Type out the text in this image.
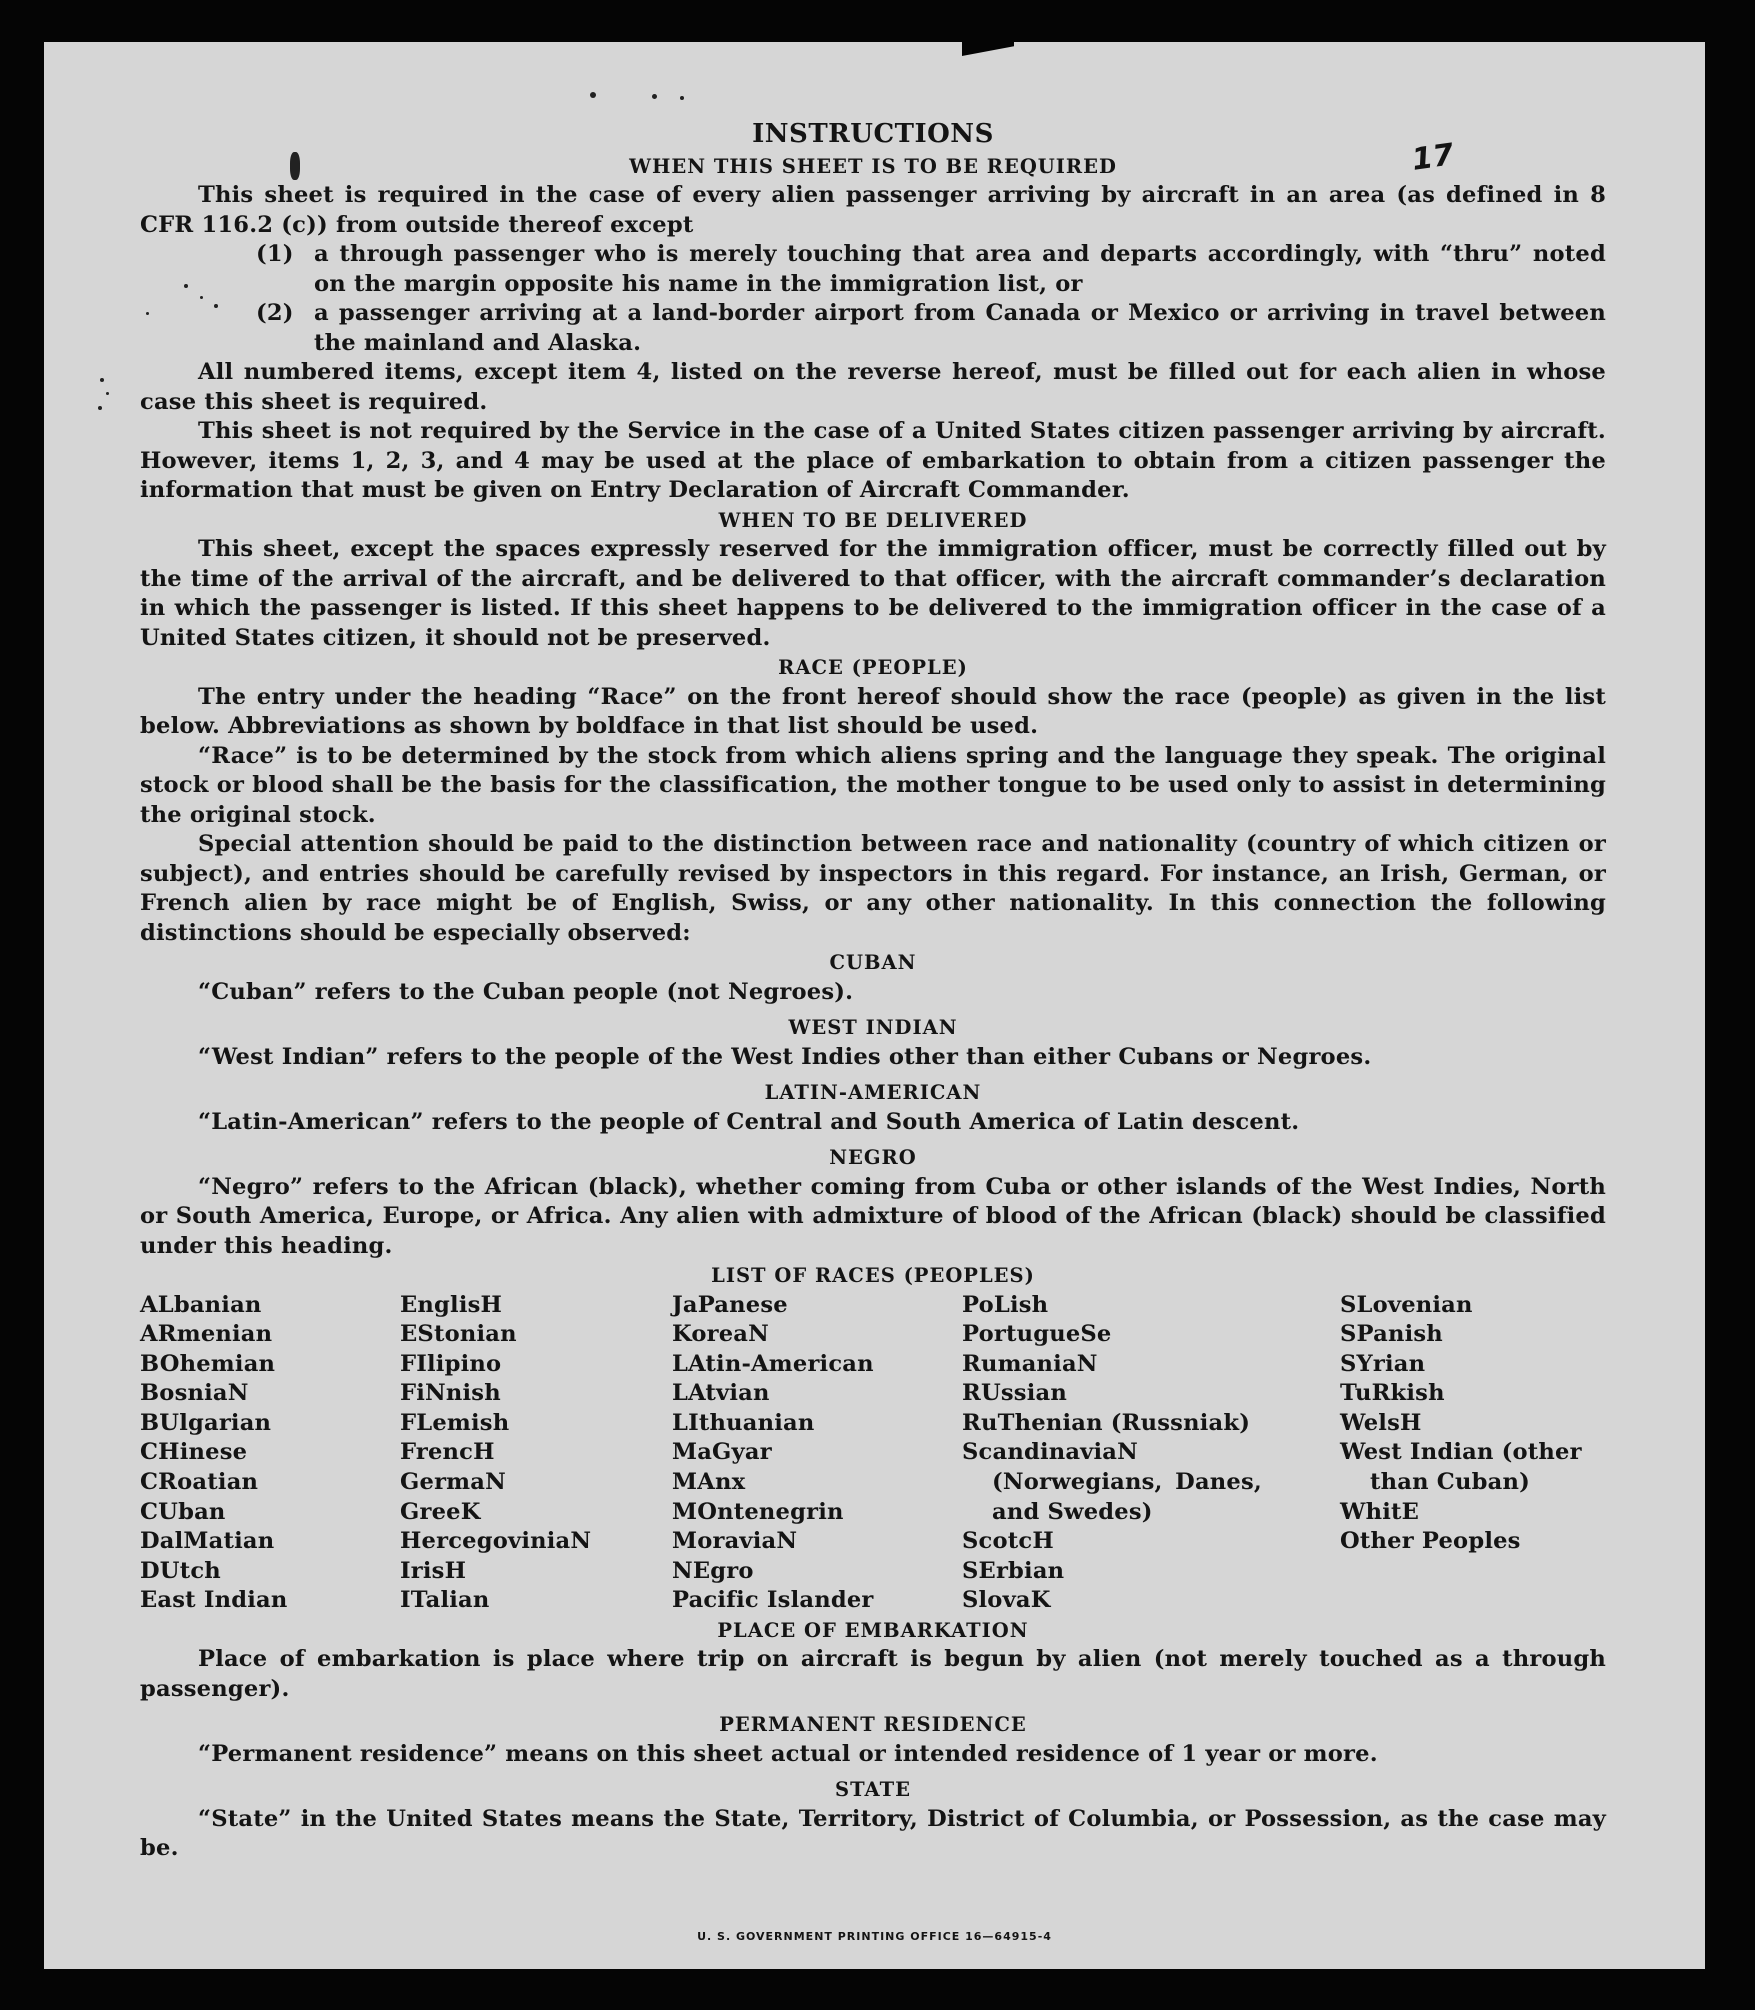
17
INSTRUCTIONS
WHEN THIS SHEET IS TO BE REQUIRED

This sheet is required in the case of every alien passenger arriving by aircraft in an area (as defined in 8 CFR 116.2 (c)) from outside thereof except

(1) a through passenger who is merely touching that area and departs accordingly, with “thru” noted on the margin opposite his name in the immigration list, or
(2) a passenger arriving at a land-border airport from Canada or Mexico or arriving in travel between the mainland and Alaska.

All numbered items, except item 4, listed on the reverse hereof, must be filled out for each alien in whose case this sheet is required.

This sheet is not required by the Service in the case of a United States citizen passenger arriving by aircraft. However, items 1, 2, 3, and 4 may be used at the place of embarkation to obtain from a citizen passenger the information that must be given on Entry Declaration of Aircraft Commander.

WHEN TO BE DELIVERED

This sheet, except the spaces expressly reserved for the immigration officer, must be correctly filled out by the time of the arrival of the aircraft, and be delivered to that officer, with the aircraft commander’s declaration in which the passenger is listed. If this sheet happens to be delivered to the immigration officer in the case of a United States citizen, it should not be preserved.

RACE (PEOPLE)

The entry under the heading “Race” on the front hereof should show the race (people) as given in the list below. Abbreviations as shown by boldface in that list should be used.

“Race” is to be determined by the stock from which aliens spring and the language they speak. The original stock or blood shall be the basis for the classification, the mother tongue to be used only to assist in determining the original stock.

Special attention should be paid to the distinction between race and nationality (country of which citizen or subject), and entries should be carefully revised by inspectors in this regard. For instance, an Irish, German, or French alien by race might be of English, Swiss, or any other nationality. In this connection the following distinctions should be especially observed:

CUBAN

“Cuban” refers to the Cuban people (not Negroes).

WEST INDIAN

“West Indian” refers to the people of the West Indies other than either Cubans or Negroes.

LATIN-AMERICAN

“Latin-American” refers to the people of Central and South America of Latin descent.

NEGRO

“Negro” refers to the African (black), whether coming from Cuba or other islands of the West Indies, North or South America, Europe, or Africa. Any alien with admixture of blood of the African (black) should be classified under this heading.

LIST OF RACES (PEOPLES)
ALbanian
ARmenian
BOhemian
BosniaN
BUlgarian
CHinese
CRoatian
CUban
DalMatian
DUtch
East Indian
EnglisH
EStonian
FIlipino
FiNnish
FLemish
FrencH
GermaN
GreeK
HercegoviniaN
IrisH
ITalian
JaPanese
KoreaN
LAtin-American
LAtvian
LIthuanian
MaGyar
MAnx
MOntenegrin
MoraviaN
NEgro
Pacific Islander
PoLish
PortugueSe
RumaniaN
RUssian
RuThenian (Russniak)
ScandinaviaN (Norwegians, Danes, and Swedes)
ScotcH
SErbian
SlovaK
SLovenian
SPanish
SYrian
TuRkish
WelsH
West Indian (other than Cuban)
WhitE
Other Peoples
PLACE OF EMBARKATION

Place of embarkation is place where trip on aircraft is begun by alien (not merely touched as a through passenger).

PERMANENT RESIDENCE

“Permanent residence” means on this sheet actual or intended residence of 1 year or more.

STATE

“State” in the United States means the State, Territory, District of Columbia, or Possession, as the case may be.

U. S. GOVERNMENT PRINTING OFFICE 16—64915-4
